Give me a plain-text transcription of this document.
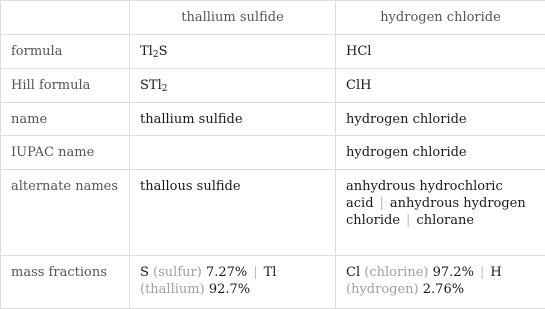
	thallium sulfide	hydrogen chloride
formula	$Tl_2S$	HCl
Hill formula	STl$_2$	ClH
name	thallium sulfide	hydrogen chloride
IUPAC name		hydrogen chloride
alternate names	thallous sulfide	anhydrous hydrochloric acid | anhydrous hydrogen chloride | chlorane
mass fractions	S (sulfur) 7.27% | Tl (thallium) 92.7%	Cl (chlorine) 97.2% | H (hydrogen) 2.76%
